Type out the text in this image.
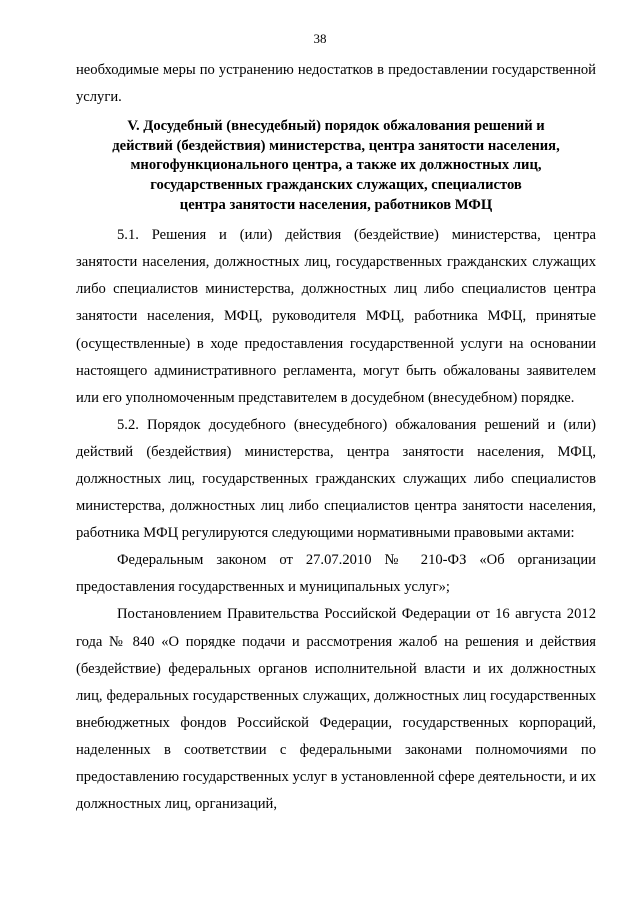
38

необходимые меры по устранению недостатков в предоставлении государственной услуги.

V. Досудебный (внесудебный) порядок обжалования решений и
действий (бездействия) министерства, центра занятости населения,
многофункционального центра, а также их должностных лиц,
государственных гражданских служащих, специалистов
центра занятости населения, работников МФЦ

5.1. Решения и (или) действия (бездействие) министерства, центра занятости населения, должностных лиц, государственных гражданских служащих либо специалистов министерства, должностных лиц либо специалистов центра занятости населения, МФЦ, руководителя МФЦ, работника МФЦ, принятые (осуществленные) в ходе предоставления государственной услуги на основании настоящего административного регламента, могут быть обжалованы заявителем или его уполномоченным представителем в досудебном (внесудебном) порядке.

5.2. Порядок досудебного (внесудебного) обжалования решений и (или) действий (бездействия) министерства, центра занятости населения, МФЦ, должностных лиц, государственных гражданских служащих либо специалистов министерства, должностных лиц либо специалистов центра занятости населения, работника МФЦ регулируются следующими нормативными правовыми актами:

Федеральным законом от 27.07.2010 № 210-ФЗ «Об организации предоставления государственных и муниципальных услуг»;

Постановлением Правительства Российской Федерации от 16 августа 2012 года № 840 «О порядке подачи и рассмотрения жалоб на решения и действия (бездействие) федеральных органов исполнительной власти и их должностных лиц, федеральных государственных служащих, должностных лиц государственных внебюджетных фондов Российской Федерации, государственных корпораций, наделенных в соответствии с федеральными законами полномочиями по предоставлению государственных услуг в установленной сфере деятельности, и их должностных лиц, организаций,
